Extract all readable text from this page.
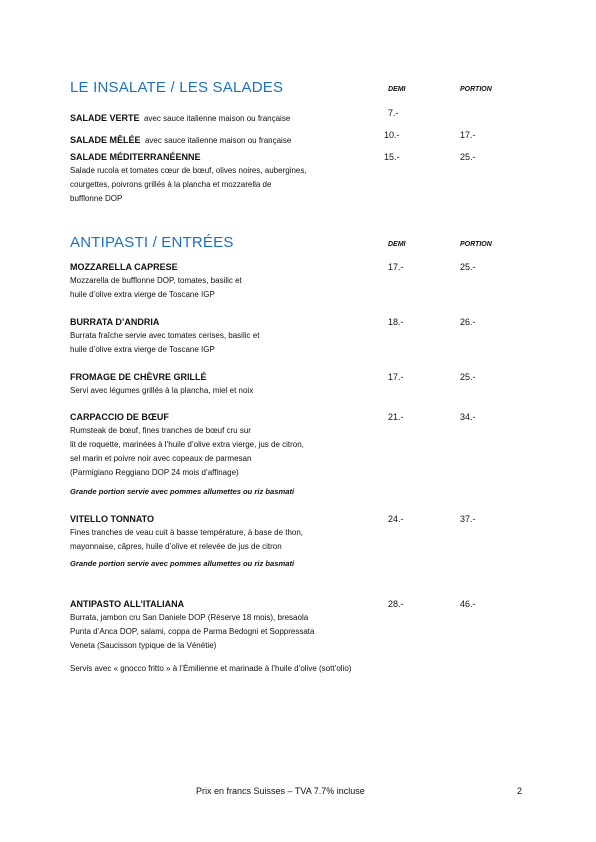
LE INSALATE / LES SALADES	DEMI	PORTION
SALADE VERTE avec sauce italienne maison ou française
7.-
SALADE MÊLÉE avec sauce italienne maison ou française
10.-	17.-
SALADE MÉDITERRANÉENNE
Salade rucola et tomates cœur de bœuf, olives noires, aubergines,
courgettes, poivrons grillés à la plancha et mozzarella de
bufflonne DOP
15.-	25.-
ANTIPASTI / ENTRÉES	DEMI	PORTION
MOZZARELLA CAPRESE
Mozzarella de bufflonne DOP, tomates, basilic et
huile d’olive extra vierge de Toscane IGP
17.-	25.-
BURRATA D’ANDRIA
Burrata fraîche servie avec tomates cerises, basilic et
huile d’olive extra vierge de Toscane IGP
18.-	26.-
FROMAGE DE CHÈVRE GRILLÉ
Servi avec légumes grillés à la plancha, miel et noix
17.-	25.-
CARPACCIO DE BŒUF
Rumsteak de bœuf, fines tranches de bœuf cru sur
lit de roquette, marinées à l’huile d’olive extra vierge, jus de citron,
sel marin et poivre noir avec copeaux de parmesan
(Parmigiano Reggiano DOP 24 mois d’affinage)
21.-	34.-
Grande portion servie avec pommes allumettes ou riz basmati
VITELLO TONNATO
Fines tranches de veau cuit à basse température, à base de thon,
mayonnaise, câpres, huile d’olive et relevée de jus de citron
24.-	37.-
Grande portion servie avec pommes allumettes ou riz basmati
ANTIPASTO ALL’ITALIANA
Burrata, jambon cru San Daniele DOP (Réserve 18 mois), bresaola
Punta d’Anca DOP, salami, coppa de Parma Bedogni et Soppressata
Veneta (Saucisson typique de la Vénétie)
28.-	46.-
Servis avec « gnocco fritto » à l’Émilienne et marinade à l’huile d’olive (sott’olio)
Prix en francs Suisses – TVA 7.7% incluse	2
